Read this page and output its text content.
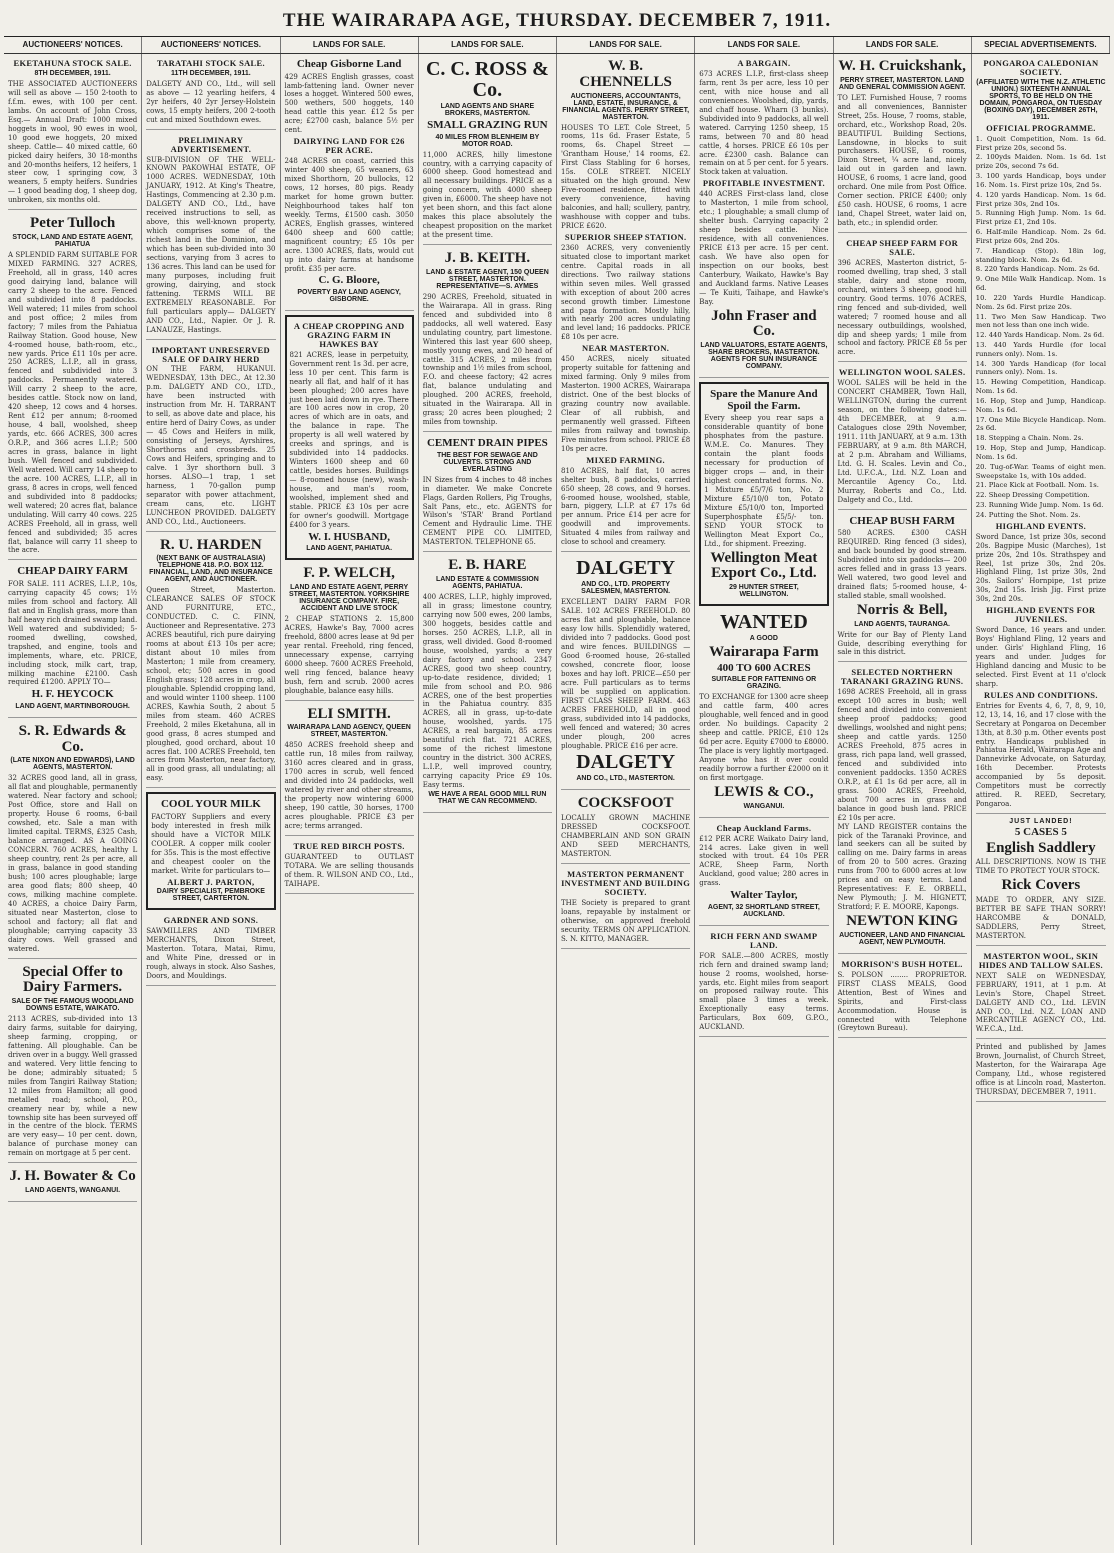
THE WAIRARAPA AGE, THURSDAY. DECEMBER 7, 1911.
AUCTIONEERS' NOTICES.	AUCTIONEERS' NOTICES.	LANDS FOR SALE.	LANDS FOR SALE.	LANDS FOR SALE.	LANDS FOR SALE.	LANDS FOR SALE.	SPECIAL ADVERTISEMENTS.
EKETAHUNA STOCK SALE.
8TH DECEMBER, 1911.
THE ASSOCIATED AUCTIONEERS will sell as above — 150 2-tooth to f.f.m. ewes, with 100 per cent. lambs. On account of John Cross, Esq.— Annual Draft: 1000 mixed hoggets in wool, 90 ewes in wool, 10 good ewe hoggets, 20 mixed sheep. Cattle— 40 mixed cattle, 60 picked dairy heifers, 30 18-months and 20-months heifers, 12 heifers, 1 steer cow, 1 springing cow, 3 weaners, 5 empty heifers. Sundries— 1 good beading dog, 1 sheep dog, unbroken, six months old.
Peter Tulloch
STOCK, LAND AND ESTATE AGENT, PAHIATUA
A SPLENDID FARM SUITABLE FOR MIXED FARMING. 327 ACRES, Freehold, all in grass, 140 acres good dairying land, balance will carry 2 sheep to the acre. Fenced and subdivided into 8 paddocks. Well watered; 11 miles from school and post office; 2 miles from factory; 7 miles from the Pahiatua Railway Station. Good house, New 4-roomed house, bath-room, etc., new yards. Price £11 10s per acre. 250 ACRES, L.I.P., all in grass, fenced and subdivided into 3 paddocks. Permanently watered. Will carry 2 sheep to the acre, besides cattle. Stock now on land, 420 sheep, 12 cows and 4 horses. Rent £12 per annum; 8-roomed house, 4 ball, woolshed, sheep yards, etc. 666 ACRES, 300 acres O.R.P., and 366 acres L.I.P.; 500 acres in grass, balance in light bush. Well fenced and subdivided. Well watered. Will carry 14 sheep to the acre. 100 ACRES, L.I.P., all in grass, 8 acres in crops, well fenced and subdivided into 8 paddocks; well watered; 20 acres flat, balance undulating. Will carry 40 cows. 225 ACRES Freehold, all in grass, well fenced and subdivided; 35 acres flat, balance will carry 11 sheep to the acre.
CHEAP DAIRY FARM
FOR SALE. 111 ACRES, L.I.P., 10s, carrying capacity 45 cows; 1½ miles from school and factory. All flat and in English grass, more than half heavy rich drained swamp land. Well watered and subdivided; 5-roomed dwelling, cowshed, trapshed, and engine, tools and implements, whare, etc. PRICE, including stock, milk cart, trap, milking machine £2100. Cash required £1200. APPLY TO—
H. F. HEYCOCK
LAND AGENT, MARTINBOROUGH.
S. R. Edwards & Co.
(LATE NIXON AND EDWARDS), LAND AGENTS, MASTERTON.
32 ACRES good land, all in grass, all flat and ploughable, permanently watered. Near factory and school; Post Office, store and Hall on property. House 6 rooms, 6-bail cowshed, etc. Sale a man with limited capital. TERMS, £325 Cash, balance arranged. AS A GOING CONCERN. 760 ACRES, healthy L sheep country, rent 2s per acre, all in grass, balance in good standing bush; 100 acres ploughable; large area good flats; 800 sheep, 40 cows, milking machine complete. 40 ACRES, a choice Dairy Farm, situated near Masterton, close to school and factory; all flat and ploughable; carrying capacity 33 dairy cows. Well grassed and watered.
Special Offer to Dairy Farmers.
SALE OF THE FAMOUS WOODLAND DOWNS ESTATE, WAIKATO.
2113 ACRES, sub-divided into 13 dairy farms, suitable for dairying, sheep farming, cropping, or fattening. All ploughable. Can be driven over in a buggy. Well grassed and watered. Very little fencing to be done; admirably situated; 5 miles from Tangiri Railway Station; 12 miles from Hamilton; all good metalled road; school, P.O., creamery near by, while a new township site has been surveyed off in the centre of the block. TERMS are very easy— 10 per cent. down, balance of purchase money can remain on mortgage at 5 per cent.
J. H. Bowater & Co
LAND AGENTS, WANGANUI.
TARATAHI STOCK SALE.
11TH DECEMBER, 1911.
DALGETY AND CO., Ltd., will sell as above — 12 yearling heifers, 4 2yr heifers, 40 2yr Jersey-Holstein cows, 15 empty heifers, 200 2-tooth cut and mixed Southdown ewes.
PRELIMINARY ADVERTISEMENT.
SUB-DIVISION OF THE WELL-KNOWN PAKOWHAI ESTATE, OF 1000 ACRES. WEDNESDAY, 10th JANUARY, 1912. At King's Theatre, Hastings, Commencing at 2.30 p.m. DALGETY AND CO., Ltd., have received instructions to sell, as above, this well-known property, which comprises some of the richest land in the Dominion, and which has been sub-divided into 30 sections, varying from 3 acres to 136 acres. This land can be used for many purposes, including fruit growing, dairying, and stock fattening. TERMS WILL BE EXTREMELY REASONABLE. For full particulars apply— DALGETY AND CO., Ltd., Napier. Or J. R. LANAUZE, Hastings.
IMPORTANT UNRESERVED SALE OF DAIRY HERD
ON THE FARM, HUKANUI. WEDNESDAY, 13th DEC., At 12.30 p.m. DALGETY AND CO., LTD., have been instructed with instruction from Mr. H. TARRANT to sell, as above date and place, his entire herd of Dairy Cows, as under— 45 Cows and Heifers in milk, consisting of Jerseys, Ayrshires, Shorthorns and crossbreds. 25 Cows and Heifers, springing and to calve. 1 3yr shorthorn bull. 3 horses. ALSO—1 trap, 1 set harness, 1 70-gallon pump separator with power attachment, cream cans, etc. LIGHT LUNCHEON PROVIDED. DALGETY AND CO., Ltd., Auctioneers.
R. U. HARDEN
(NEXT BANK OF AUSTRALASIA) TELEPHONE 418. P.O. BOX 112. FINANCIAL, LAND, AND INSURANCE AGENT, AND AUCTIONEER.
Queen Street, Masterton. CLEARANCE SALES OF STOCK AND FURNITURE, ETC., CONDUCTED. C. C. FINN, Auctioneer and Representative. 273 ACRES beautiful, rich pure dairying rooms at about £13 10s per acre; distant about 10 miles from Masterton; 1 mile from creamery, school, etc; 500 acres in good English grass; 128 acres in crop, all ploughable. Splendid cropping land, and would winter 1100 sheep. 1100 ACRES, Kawhia South, 2 about 5 miles from steam. 460 ACRES Freehold, 2 miles Eketahuna, all in good grass, 8 acres stumped and ploughed, good orchard, about 10 acres flat. 100 ACRES Freehold, ten acres from Masterton, near factory, all in good grass, all undulating; all easy.
COOL YOUR MILK
FACTORY Suppliers and every body interested in fresh milk should have a VICTOR MILK COOLER. A copper milk cooler for 35s. This is the most effective and cheapest cooler on the market. Write for particulars to—
ALBERT J. PARTON,
DAIRY SPECIALIST, PEMBROKE STREET, CARTERTON.
GARDNER AND SONS.
SAWMILLERS AND TIMBER MERCHANTS, Dixon Street, Masterton. Totara, Matai, Rimu, and White Pine, dressed or in rough, always in stock. Also Sashes, Doors, and Mouldings.
Cheap Gisborne Land
429 ACRES English grasses, coast lamb-fattening land. Owner never loses a hogget. Wintered 500 ewes, 500 wethers, 500 hoggets, 140 head cattle this year. £12 5s per acre; £2700 cash, balance 5½ per cent.
DAIRYING LAND FOR £26 PER ACRE.
248 ACRES on coast, carried this winter 400 sheep, 65 weaners, 63 mixed Shorthorn, 20 bullocks, 12 cows, 12 horses, 80 pigs. Ready market for home grown butter. Neighbourhood takes half ton weekly. Terms, £1500 cash. 3050 ACRES, English grasses, wintered 6400 sheep and 600 cattle; magnificent country; £5 10s per acre. 1300 ACRES, flats, would cut up into dairy farms at handsome profit. £35 per acre.
C. G. Bloore,
POVERTY BAY LAND AGENCY, GISBORNE.
A CHEAP CROPPING AND GRAZING FARM IN HAWKES BAY
821 ACRES, lease in perpetuity, Government rent 1s 3d. per acre, less 10 per cent. This farm is nearly all flat, and half of it has been ploughed; 200 acres have just been laid down in rye. There are 100 acres now in crop, 20 acres of which are in oats, and the balance in rape. The property is all well watered by creeks and springs, and is subdivided into 14 paddocks. Winters 1600 sheep and 60 cattle, besides horses. Buildings— 8-roomed house (new), wash-house, and man's room, woolshed, implement shed and stable. PRICE £3 10s per acre for owner's goodwill. Mortgage £400 for 3 years.
W. I. HUSBAND,
LAND AGENT, PAHIATUA.
F. P. WELCH,
LAND AND ESTATE AGENT, PERRY STREET, MASTERTON. YORKSHIRE INSURANCE COMPANY. FIRE, ACCIDENT AND LIVE STOCK
2 CHEAP STATIONS 2. 15,800 ACRES, Hawke's Bay, 7000 acres freehold, 8800 acres lease at 9d per year rental. Freehold, ring fenced, unnecessary expense, carrying 6000 sheep. 7600 ACRES Freehold, well ring fenced, balance heavy bush, fern and scrub. 2000 acres ploughable, balance easy hills.
ELI SMITH.
WAIRARAPA LAND AGENCY, QUEEN STREET, MASTERTON.
4850 ACRES freehold sheep and cattle run, 18 miles from railway, 3160 acres cleared and in grass, 1700 acres in scrub, well fenced and divided into 24 paddocks, well watered by river and other streams, the property now wintering 6000 sheep, 190 cattle, 30 horses, 1700 acres ploughable. PRICE £3 per acre; terms arranged.
TRUE RED BIRCH POSTS.
GUARANTEED to OUTLAST TOTARA. We are selling thousands of them. R. WILSON AND CO., Ltd., TAIHAPE.
C. C. ROSS & Co.
LAND AGENTS AND SHARE BROKERS, MASTERTON.
SMALL GRAZING RUN
40 MILES FROM BLENHEIM BY MOTOR ROAD.
11,000 ACRES, hilly limestone country, with a carrying capacity of 6000 sheep. Good homestead and all necessary buildings. PRICE as a going concern, with 4000 sheep given in, £6000. The sheep have not yet been shorn, and this fact alone makes this place absolutely the cheapest proposition on the market at the present time.
J. B. KEITH.
LAND & ESTATE AGENT, 150 QUEEN STREET, MASTERTON. REPRESENTATIVE—S. AYMES
290 ACRES, Freehold, situated in the Wairarapa. All in grass. Ring fenced and subdivided into 8 paddocks, all well watered. Easy undulating country, part limestone. Wintered this last year 600 sheep, mostly young ewes, and 20 head of cattle. 315 ACRES, 2 miles from township and 1½ miles from school, F.O. and cheese factory; 42 acres flat, balance undulating and ploughed. 200 ACRES, freehold, situated in the Wairarapa. All in grass; 20 acres been ploughed; 2 miles from township.
CEMENT DRAIN PIPES
THE BEST FOR SEWAGE AND CULVERTS. STRONG AND EVERLASTING
IN Sizes from 4 inches to 48 inches in diameter. We make Concrete Flags, Garden Rollers, Pig Troughs, Salt Pans, etc., etc. AGENTS for Wilson's 'STAR' Brand Portland Cement and Hydraulic Lime. THE CEMENT PIPE CO. LIMITED, MASTERTON. TELEPHONE 65.
E. B. HARE
LAND ESTATE & COMMISSION AGENTS, PAHIATUA.
400 ACRES, L.I.P., highly improved, all in grass; limestone country, carrying now 500 ewes, 200 lambs, 300 hoggets, besides cattle and horses. 250 ACRES, L.I.P., all in grass, well divided. Good 8-roomed house, woolshed, yards; a very dairy factory and school. 2347 ACRES, good two sheep country, up-to-date residence, divided; 1 mile from school and P.O. 986 ACRES, one of the best properties in the Pahiatua country. 835 ACRES, all in grass, up-to-date house, woolshed, yards. 175 ACRES, a real bargain, 85 acres beautiful rich flat. 721 ACRES, some of the richest limestone country in the district. 300 ACRES, L.I.P., well improved country, carrying capacity Price £9 10s. Easy terms.
WE HAVE A REAL GOOD MILL RUN THAT WE CAN RECOMMEND.
W. B. CHENNELLS
AUCTIONEERS, ACCOUNTANTS, LAND, ESTATE, INSURANCE, & FINANCIAL AGENTS. PERRY STREET, MASTERTON.
HOUSES TO LET. Cole Street, 5 rooms, 11s 6d. Fraser Estate, 5 rooms, 6s. Chapel Street — 'Grantham House,' 14 rooms, £2. First Class Stabling for 6 horses, 15s. COLE STREET. NICELY situated on the high ground. New Five-roomed residence, fitted with every convenience, having balconies, and hall; scullery, pantry, washhouse with copper and tubs. PRICE £620.
SUPERIOR SHEEP STATION.
2360 ACRES, very conveniently situated close to important market centre. Capital roads in all directions. Two railway stations within seven miles. Well grassed with exception of about 200 acres second growth timber. Limestone and papa formation. Mostly hilly, with nearly 200 acres undulating and level land; 16 paddocks. PRICE £8 10s per acre.
NEAR MASTERTON.
450 ACRES, nicely situated property suitable for fattening and mixed farming. Only 9 miles from Masterton. 1900 ACRES, Wairarapa district. One of the best blocks of grazing country now available. Clear of all rubbish, and permanently well grassed. Fifteen miles from railway and township. Five minutes from school. PRICE £8 10s per acre.
MIXED FARMING.
810 ACRES, half flat, 10 acres shelter bush, 8 paddocks, carried 650 sheep, 28 cows, and 9 horses. 6-roomed house, woolshed, stable, barn, piggery, L.I.P. at £7 17s 6d per annum. Price £14 per acre for goodwill and improvements. Situated 4 miles from railway and close to school and creamery.
DALGETY
AND CO., LTD. PROPERTY SALESMEN, MASTERTON.
EXCELLENT DAIRY FARM FOR SALE. 102 ACRES FREEHOLD. 80 acres flat and ploughable, balance easy low hills. Splendidly watered, divided into 7 paddocks. Good post and wire fences. BUILDINGS — Good 6-roomed house, 26-stalled cowshed, concrete floor, loose boxes and hay loft. PRICE—£50 per acre. Full particulars as to terms will be supplied on application. FIRST CLASS SHEEP FARM. 463 ACRES FREEHOLD, all in good grass, subdivided into 14 paddocks, well fenced and watered; 30 acres under plough, 200 acres ploughable. PRICE £16 per acre.
DALGETY
AND CO., LTD., MASTERTON.
COCKSFOOT
LOCALLY GROWN MACHINE DRESSED COCKSFOOT. CHAMBERLAIN AND SON GRAIN AND SEED MERCHANTS, MASTERTON.
MASTERTON PERMANENT INVESTMENT AND BUILDING SOCIETY.
THE Society is prepared to grant loans, repayable by instalment or otherwise, on approved freehold security. TERMS ON APPLICATION. S. N. KITTO, MANAGER.
A BARGAIN.
673 ACRES L.I.P., first-class sheep farm, rent 3s per acre, less 10 per cent, with nice house and all conveniences. Woolshed, dip, yards, and chaff house. Wharn (3 bunks). Subdivided into 9 paddocks, all well watered. Carrying 1250 sheep, 15 rams, between 70 and 80 head cattle, 4 horses. PRICE £6 10s per acre. £2300 cash. Balance can remain on at 5 per cent. for 5 years. Stock taken at valuation.
PROFITABLE INVESTMENT.
440 ACRES First-class land, close to Masterton, 1 mile from school, etc.; 1 ploughable; a small clump of shelter bush. Carrying capacity 2 sheep besides cattle. Nice residence, with all conveniences. PRICE £13 per acre. 15 per cent. cash. We have also open for inspection on our books, best Canterbury, Waikato, Hawke's Bay and Auckland farms. Native Leases — Te Kuiti, Taihape, and Hawke's Bay.
John Fraser and Co.
LAND VALUATORS, ESTATE AGENTS, SHARE BROKERS, MASTERTON. AGENTS FOR SUN INSURANCE COMPANY.
Spare the Manure And Spoil the Farm.
Every sheep you rear saps a considerable quantity of bone phosphates from the pasture. W.M.E. Co. Manures. They contain the plant foods necessary for production of bigger crops — and, in their highest concentrated forms. No. 1 Mixture £5/7/6 ton, No. 2 Mixture £5/10/0 ton, Potato Mixture £5/10/0 ton, Imported Superphosphate £5/5/- ton. SEND YOUR STOCK to Wellington Meat Export Co., Ltd., for shipment. Freezing.
Wellington Meat Export Co., Ltd.
29 HUNTER STREET, WELLINGTON.
WANTED
A GOOD
Wairarapa Farm
400 TO 600 ACRES
SUITABLE FOR FATTENING OR GRAZING.
TO EXCHANGE for 1300 acre sheep and cattle farm, 400 acres ploughable, well fenced and in good order. No buildings. Capacity 2 sheep and cattle. PRICE, £10 12s 6d per acre. Equity £7000 to £8000. The place is very lightly mortgaged. Anyone who has it over could readily borrow a further £2000 on it on first mortgage.
LEWIS & CO.,
WANGANUI.
Cheap Auckland Farms.
£12 PER ACRE Waikato Dairy land, 214 acres. Lake given in well stocked with trout. £4 10s PER ACRE, Sheep Farm, North Auckland, good value; 280 acres in grass.
Walter Taylor,
AGENT, 32 SHORTLAND STREET, AUCKLAND.
RICH FERN AND SWAMP LAND.
FOR SALE.—800 ACRES, mostly rich fern and drained swamp land; house 2 rooms, woolshed, horse-yards, etc. Eight miles from seaport on proposed railway route. This small place 3 times a week. Exceptionally easy terms. Particulars, Box 609, G.P.O., AUCKLAND.
W. H. Cruickshank,
PERRY STREET, MASTERTON. LAND AND GENERAL COMMISSION AGENT.
TO LET. Furnished House, 7 rooms and all conveniences, Bannister Street, 25s. House, 7 rooms, stable, orchard, etc., Workshop Road, 20s. BEAUTIFUL Building Sections, Lansdowne, in blocks to suit purchasers. HOUSE, 6 rooms, Dixon Street, ¼ acre land, nicely laid out in garden and lawn. HOUSE, 6 rooms, 1 acre land, good orchard. One mile from Post Office. Corner section. PRICE £400; only £50 cash. HOUSE, 6 rooms, 1 acre land, Chapel Street, water laid on, bath, etc.; in splendid order.
CHEAP SHEEP FARM FOR SALE.
396 ACRES, Masterton district, 5-roomed dwelling, trap shed, 3 stall stable, dairy and stone room, orchard, winters 3 sheep, good hill country. Good terms. 1076 ACRES, ring fenced and sub-divided, well watered; 7 roomed house and all necessary outbuildings, woolshed, dip and sheep yards; 1 mile from school and factory. PRICE £8 5s per acre.
WELLINGTON WOOL SALES.
WOOL SALES will be held in the CONCERT CHAMBER, Town Hall, WELLINGTON, during the current season, on the following dates:— 4th DECEMBER, at 9 a.m. Catalogues close 29th November, 1911. 11th JANUARY, at 9 a.m. 13th FEBRUARY, at 9 a.m. 8th MARCH, at 2 p.m. Abraham and Williams, Ltd. G. H. Scales. Levin and Co., Ltd. U.F.C.A., Ltd. N.Z. Loan and Mercantile Agency Co., Ltd. Murray, Roberts and Co., Ltd. Dalgety and Co., Ltd.
CHEAP BUSH FARM
580 ACRES. £300 CASH REQUIRED. Ring fenced (3 sides), and back bounded by good stream. Subdivided into six paddocks— 200 acres felled and in grass 13 years. Well watered, two good level and drained flats; 5-roomed house, 4-stalled stable, small woolshed.
Norris & Bell,
LAND AGENTS, TAURANGA.
Write for our Bay of Plenty Land Guide, describing everything for sale in this district.
SELECTED NORTHERN TARANAKI GRAZING RUNS.
1698 ACRES Freehold, all in grass except 100 acres in bush; well fenced and divided into convenient sheep proof paddocks; good dwellings, woolshed and night pens; sheep and cattle yards. 1250 ACRES Freehold, 875 acres in grass, rich papa land, well grassed, fenced and subdivided into convenient paddocks. 1350 ACRES O.R.P., at £1 1s 6d per acre, all in grass. 5000 ACRES, Freehold, about 700 acres in grass and balance in good bush land. PRICE £2 10s per acre.
MY LAND REGISTER contains the pick of the Taranaki Province, and land seekers can all be suited by calling on me. Dairy farms in areas of from 20 to 500 acres. Grazing runs from 700 to 6000 acres at low prices and on easy terms. Land Representatives: F. E. ORBELL, New Plymouth; J. M. HIGNETT, Stratford; F. E. MOORE, Kapongs.
NEWTON KING
AUCTIONEER, LAND AND FINANCIAL AGENT, NEW PLYMOUTH.
MORRISON'S BUSH HOTEL.
S. POLSON ........ PROPRIETOR. FIRST CLASS MEALS, Good Attention, Best of Wines and Spirits, and First-class Accommodation. House is connected with Telephone (Greytown Bureau).
PONGAROA CALEDONIAN SOCIETY.
(AFFILIATED WITH THE N.Z. ATHLETIC UNION.) SIXTEENTH ANNUAL SPORTS, TO BE HELD ON THE DOMAIN, PONGAROA, ON TUESDAY (BOXING DAY), DECEMBER 26TH, 1911.
OFFICIAL PROGRAMME.
1. Quoit Competition, Nom. 1s 6d. First prize 20s, second 5s.
2. 100yds Maiden. Nom. 1s 6d. 1st prize 20s, second 7s 6d.
3. 100 yards Handicap, boys under 16. Nom. 1s. First prize 10s, 2nd 5s.
4. 120 yards Handicap. Nom. 1s 6d. First prize 30s, 2nd 10s.
5. Running High Jump. Nom. 1s 6d. First prize £1, 2nd 10s.
6. Half-mile Handicap. Nom. 2s 6d. First prize 60s, 2nd 20s.
7. Handicap (Stop). 18in log, standing block. Nom. 2s 6d.
8. 220 Yards Handicap. Nom. 2s 6d.
9. One Mile Walk Handicap. Nom. 1s 6d.
10. 220 Yards Hurdle Handicap. Nom. 2s 6d. First prize 20s.
11. Two Men Saw Handicap. Two men not less than one inch wide.
12. 440 Yards Handicap. Nom. 2s 6d.
13. 440 Yards Hurdle (for local runners only). Nom. 1s.
14. 300 Yards Handicap (for local runners only). Nom. 1s.
15. Hewing Competition, Handicap. Nom. 1s 6d.
16. Hop, Step and Jump, Handicap. Nom. 1s 6d.
17. One Mile Bicycle Handicap. Nom. 2s 6d.
18. Stepping a Chain. Nom. 2s.
19. Hop, Step and Jump, Handicap. Nom. 1s 6d.
20. Tug-of-War. Teams of eight men. Sweepstake 1s, with 10s added.
21. Place Kick at Football. Nom. 1s.
22. Sheep Dressing Competition.
23. Running Wide Jump. Nom. 1s 6d.
24. Putting the Shot. Nom. 2s.
HIGHLAND EVENTS.
Sword Dance, 1st prize 30s, second 20s. Bagpipe Music (Marches), 1st prize 20s, 2nd 10s. Strathspey and Reel, 1st prize 30s, 2nd 20s. Highland Fling, 1st prize 30s, 2nd 20s. Sailors' Hornpipe, 1st prize 30s, 2nd 15s. Irish Jig. First prize 30s, 2nd 20s.
HIGHLAND EVENTS FOR JUVENILES.
Sword Dance, 16 years and under. Boys' Highland Fling, 12 years and under. Girls' Highland Fling, 16 years and under. Judges for Highland dancing and Music to be selected. First Event at 11 o'clock sharp.
RULES AND CONDITIONS.
Entries for Events 4, 6, 7, 8, 9, 10, 12, 13, 14, 16, and 17 close with the Secretary at Pongaroa on December 13th, at 8.30 p.m. Other events post entry. Handicaps published in Pahiatua Herald, Wairarapa Age and Dannevirke Advocate, on Saturday, 16th December. Protests accompanied by 5s deposit. Competitors must be correctly attired. R. REED, Secretary, Pongaroa.
JUST LANDED!
5 CASES 5
English Saddlery
ALL DESCRIPTIONS. NOW IS THE TIME TO PROTECT YOUR STOCK.
Rick Covers
MADE TO ORDER, ANY SIZE. BETTER BE SAFE THAN SORRY! HARCOMBE & DONALD, SADDLERS, Perry Street, MASTERTON.
MASTERTON WOOL, SKIN HIDES AND TALLOW SALES.
NEXT SALE on WEDNESDAY, FEBRUARY, 1911, at 1 p.m. At Levin's Store, Chapel Street. DALGETY AND CO., Ltd. LEVIN AND CO., Ltd. N.Z. LOAN AND MERCANTILE AGENCY CO., Ltd. W.F.C.A., Ltd.
Printed and published by James Brown, Journalist, of Church Street, Masterton, for the Wairarapa Age Company, Ltd., whose registered office is at Lincoln road, Masterton. THURSDAY, DECEMBER 7, 1911.
